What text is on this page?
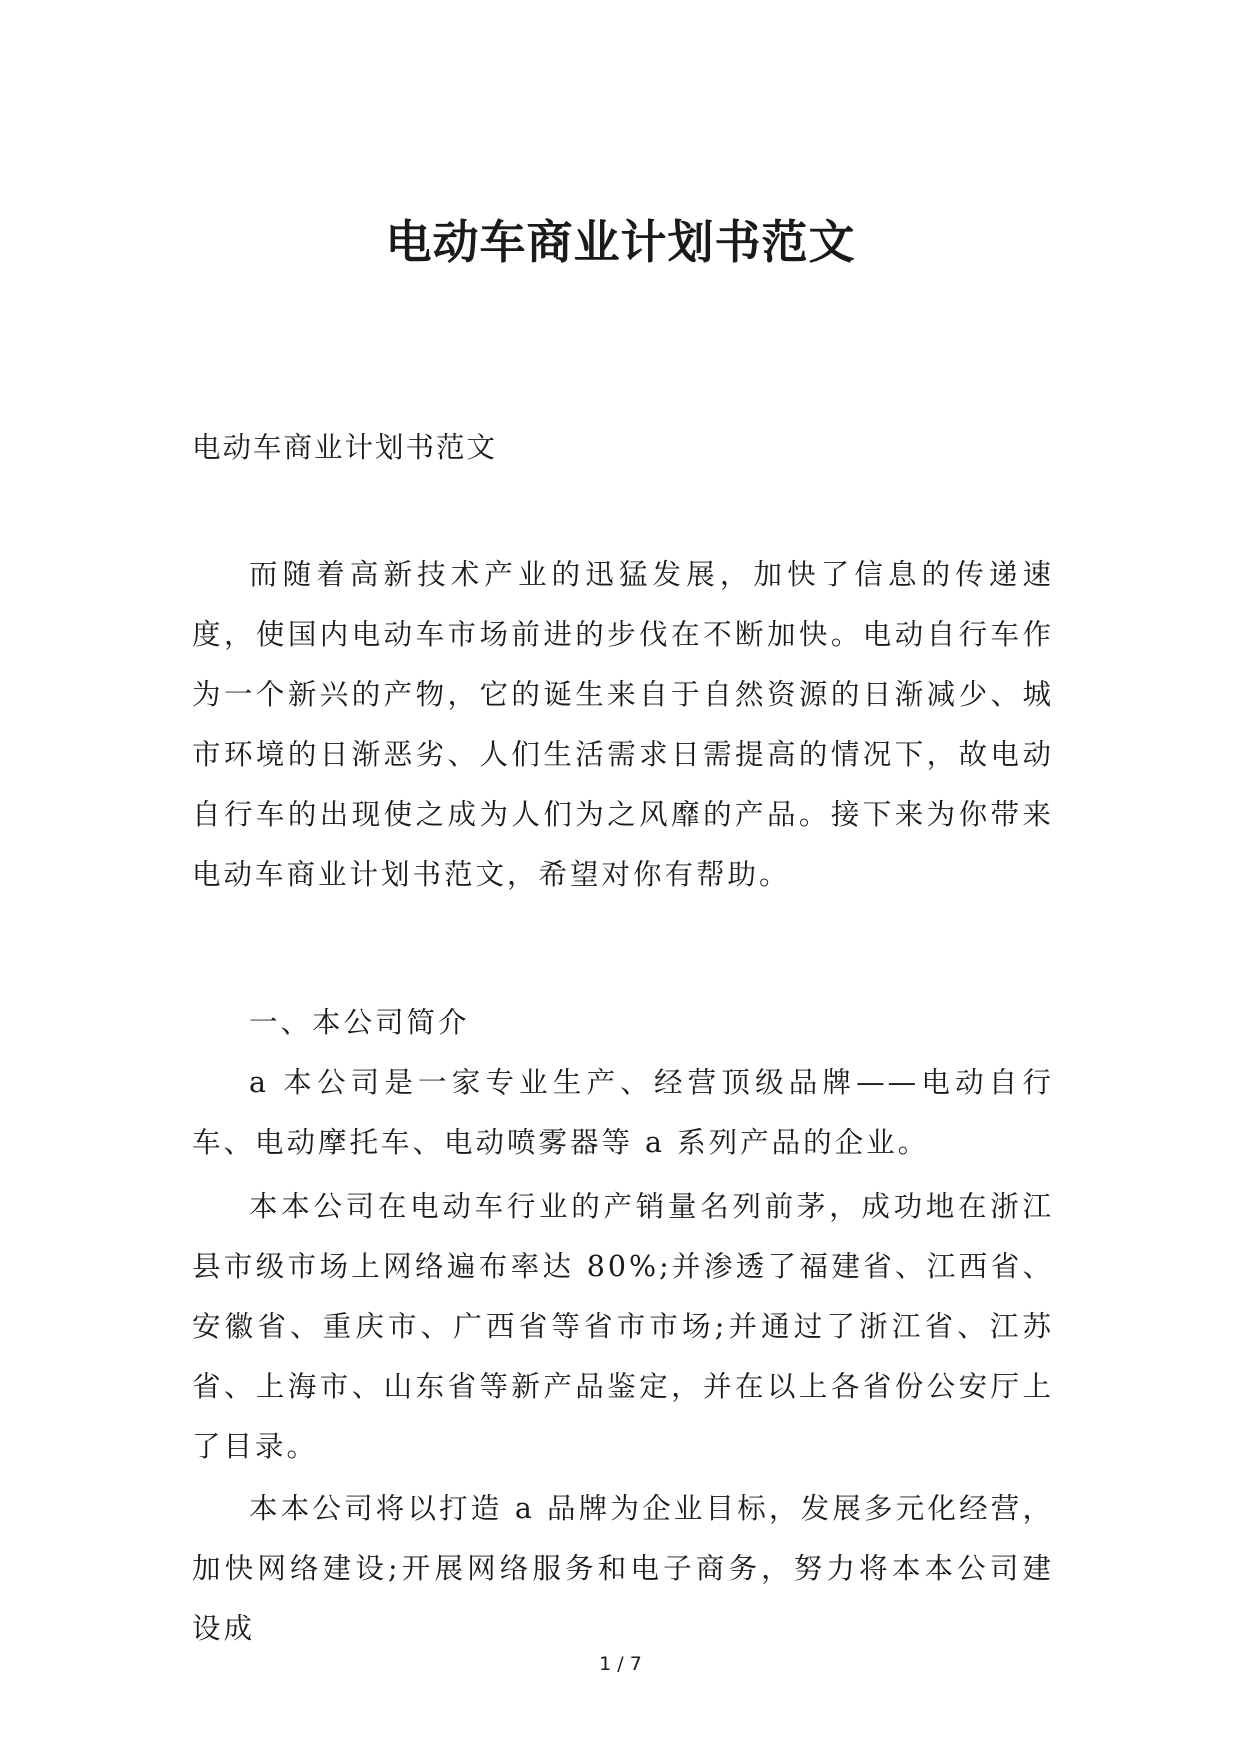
电动车商业计划书范文

电动车商业计划书范文

而随着高新技术产业的迅猛发展，加快了信息的传递速度，使国内电动车市场前进的步伐在不断加快。电动自行车作为一个新兴的产物，它的诞生来自于自然资源的日渐减少、城市环境的日渐恶劣、人们生活需求日需提高的情况下，故电动自行车的出现使之成为人们为之风靡的产品。接下来为你带来电动车商业计划书范文，希望对你有帮助。

一、本公司简介

a 本公司是一家专业生产、经营顶级品牌——电动自行车、电动摩托车、电动喷雾器等 a 系列产品的企业。

本本公司在电动车行业的产销量名列前茅，成功地在浙江县市级市场上网络遍布率达 80%;并渗透了福建省、江西省、安徽省、重庆市、广西省等省市市场;并通过了浙江省、江苏省、上海市、山东省等新产品鉴定，并在以上各省份公安厅上了目录。

本本公司将以打造 a 品牌为企业目标，发展多元化经营，加快网络建设;开展网络服务和电子商务，努力将本本公司建设成

1 / 7
